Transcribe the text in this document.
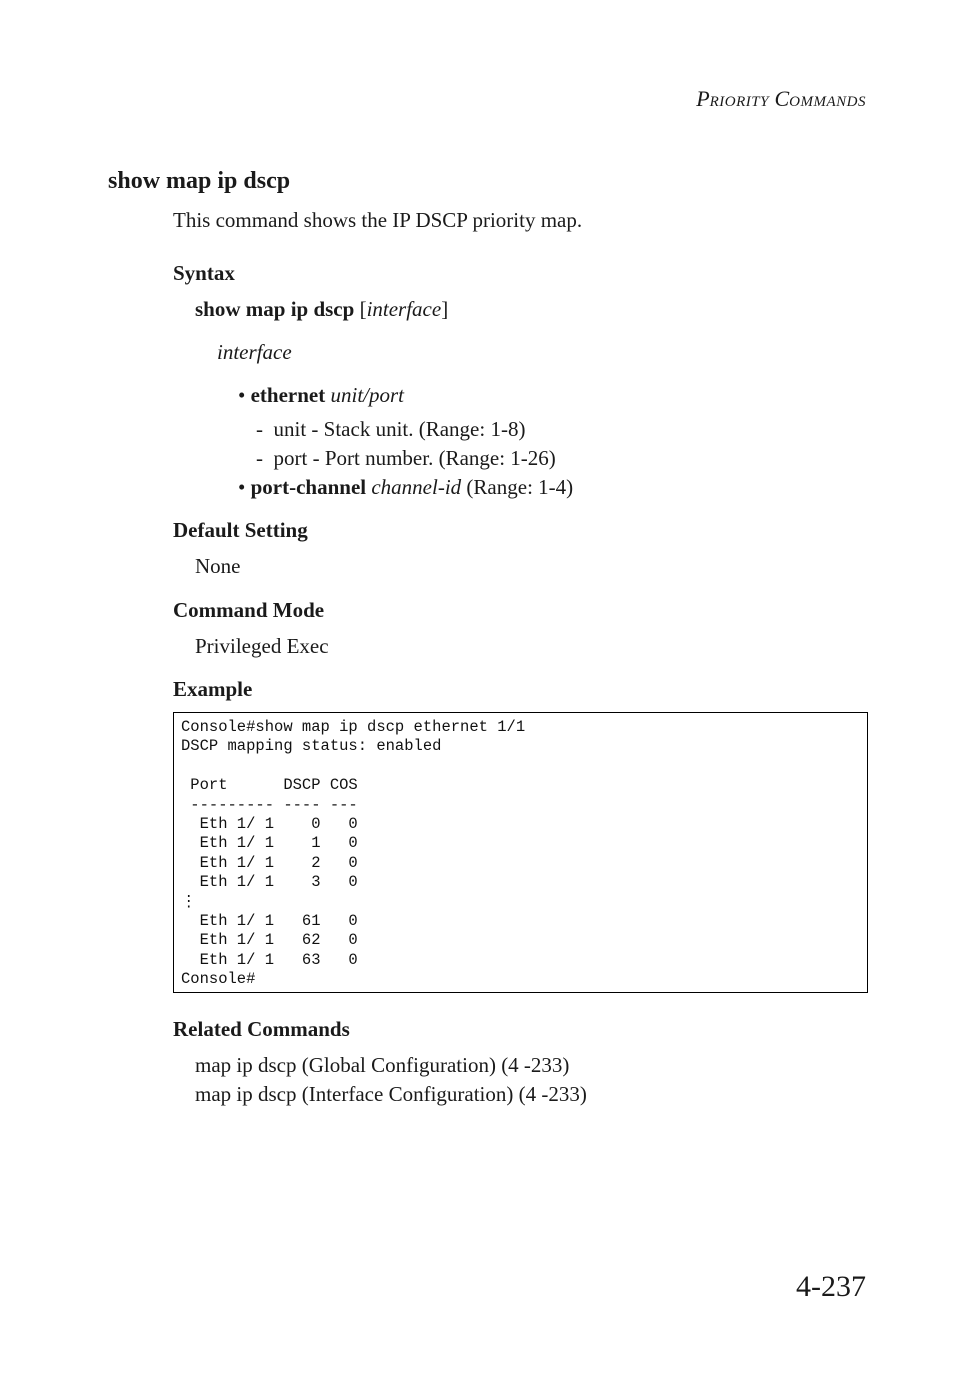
PRIORITY COMMANDS
show map ip dscp
This command shows the IP DSCP priority map.
Syntax
show map ip dscp [interface]
interface
• ethernet unit/port
- unit - Stack unit. (Range: 1-8)
- port - Port number. (Range: 1-26)
• port-channel channel-id (Range: 1-4)
Default Setting
None
Command Mode
Privileged Exec
Example
Console#show map ip dscp ethernet 1/1
DSCP mapping status: enabled

Port      DSCP COS
--------- ---- ---
Eth 1/ 1    0   0
Eth 1/ 1    1   0
Eth 1/ 1    2   0
Eth 1/ 1    3   0
⋮
Eth 1/ 1   61   0
Eth 1/ 1   62   0
Eth 1/ 1   63   0
Console#
Related Commands
map ip dscp (Global Configuration) (4 -233)
map ip dscp (Interface Configuration) (4 -233)
4-237
